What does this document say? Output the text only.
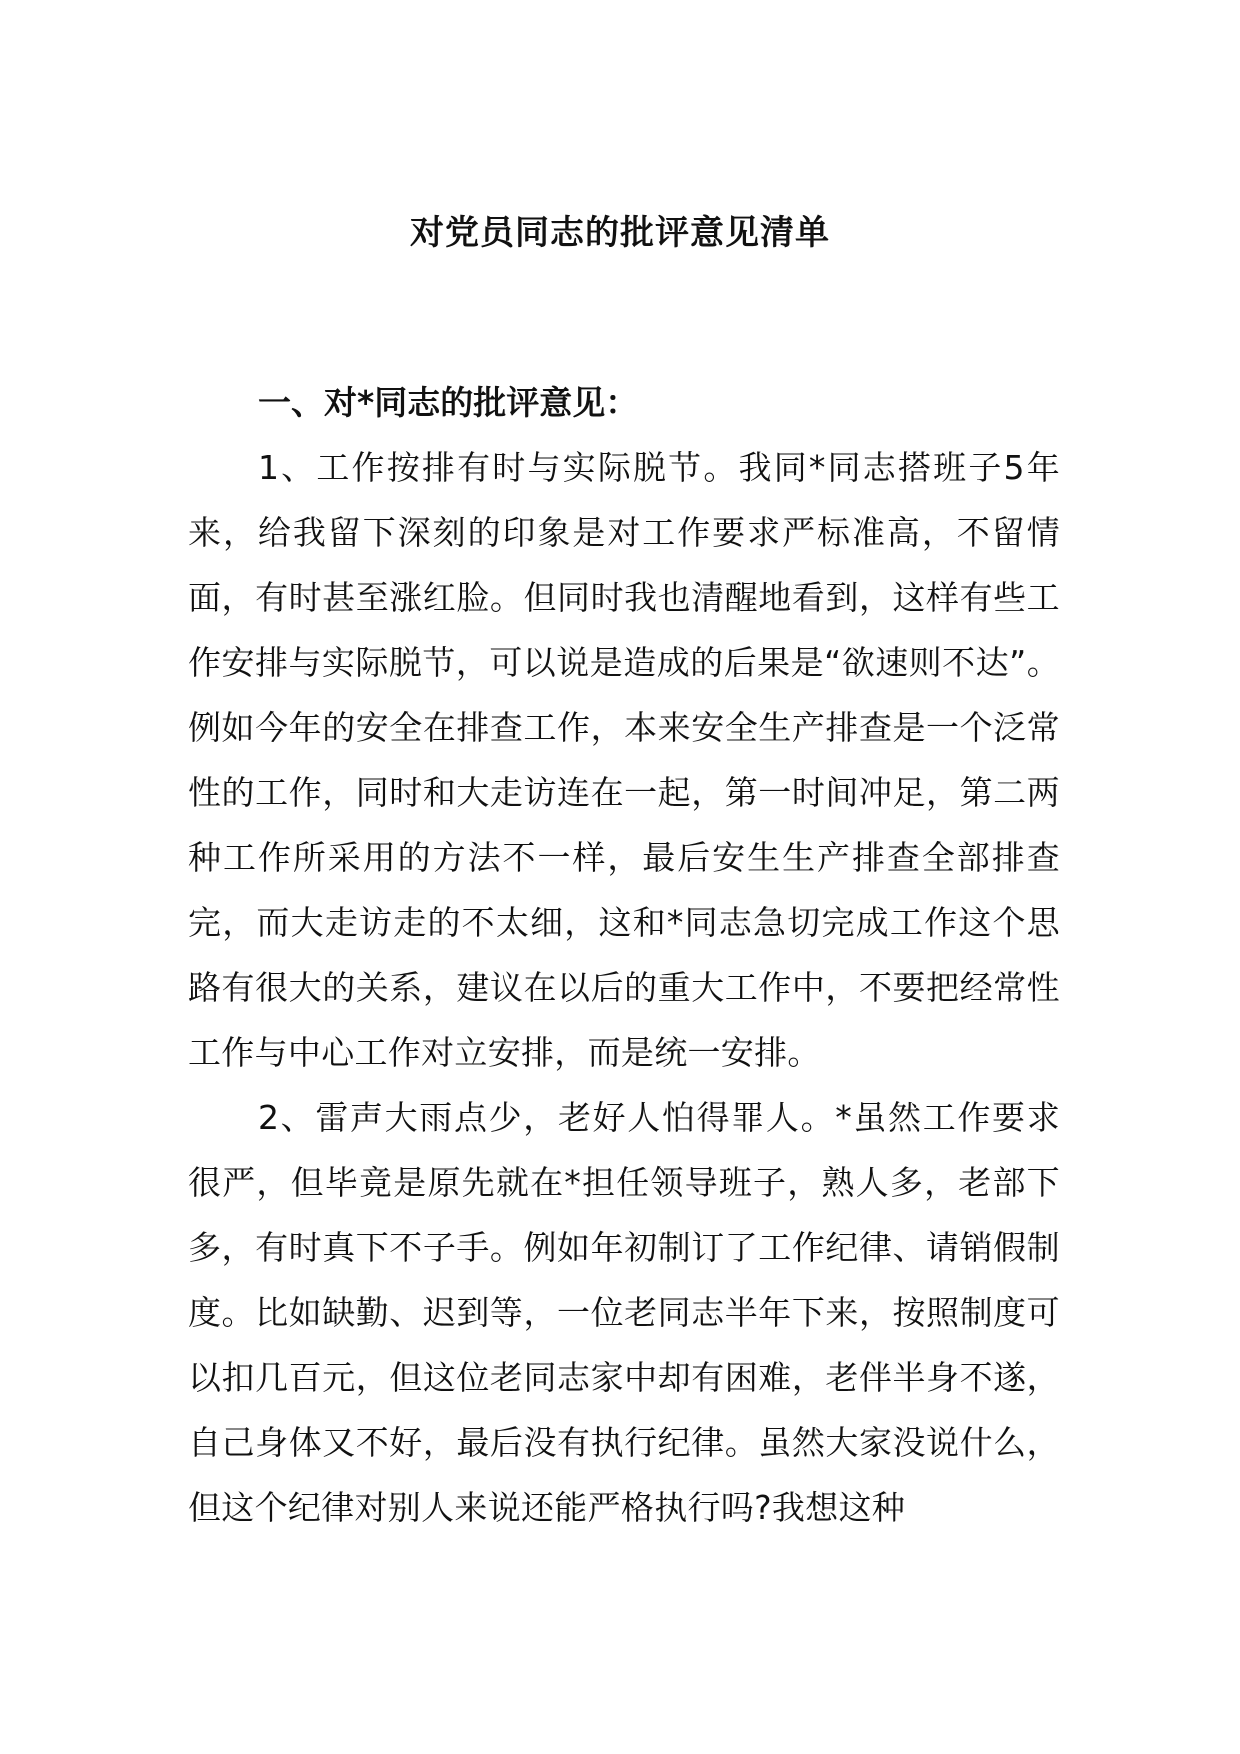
对党员同志的批评意见清单

一、对*同志的批评意见：

1、工作按排有时与实际脱节。我同*同志搭班子5年来，给我留下深刻的印象是对工作要求严标准高，不留情面，有时甚至涨红脸。但同时我也清醒地看到，这样有些工作安排与实际脱节，可以说是造成的后果是“欲速则不达”。例如今年的安全在排查工作，本来安全生产排查是一个泛常性的工作，同时和大走访连在一起，第一时间冲足，第二两种工作所采用的方法不一样，最后安生生产排查全部排查完，而大走访走的不太细，这和*同志急切完成工作这个思路有很大的关系，建议在以后的重大工作中，不要把经常性工作与中心工作对立安排，而是统一安排。

2、雷声大雨点少，老好人怕得罪人。*虽然工作要求很严，但毕竟是原先就在*担任领导班子，熟人多，老部下多，有时真下不子手。例如年初制订了工作纪律、请销假制度。比如缺勤、迟到等，一位老同志半年下来，按照制度可以扣几百元，但这位老同志家中却有困难，老伴半身不遂，自己身体又不好，最后没有执行纪律。虽然大家没说什么，但这个纪律对别人来说还能严格执行吗?我想这种
